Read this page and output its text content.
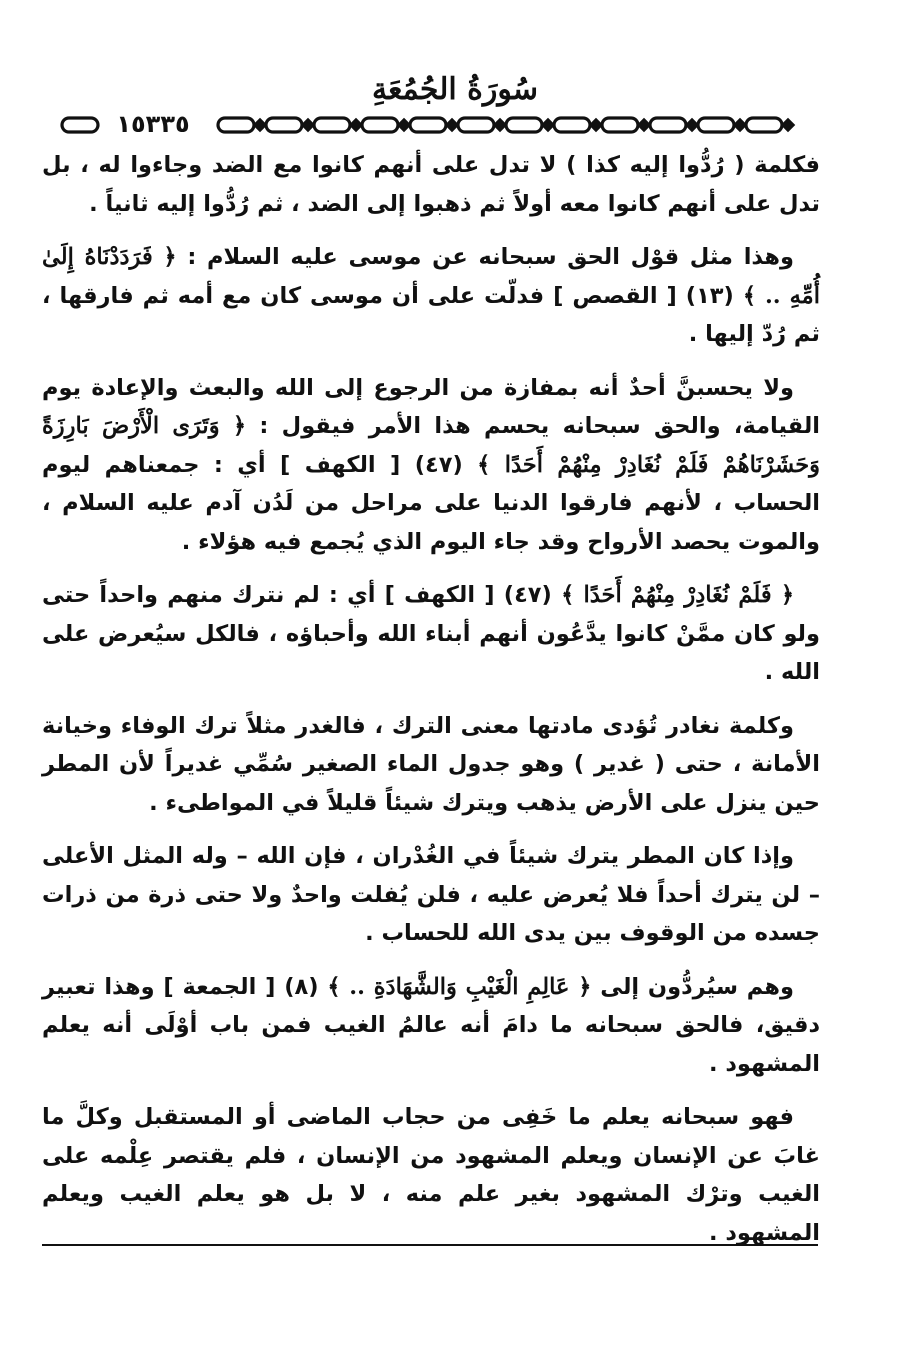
سُورَةُ الجُمُعَةِ
١٥٣٣٥

فكلمة ( رُدُّوا إليه كذا ) لا تدل على أنهم كانوا مع الضد وجاءوا له ، بل تدل على أنهم كانوا معه أولاً ثم ذهبوا إلى الضد ، ثم رُدُّوا إليه ثانياً .

وهذا مثل قوْل الحق سبحانه عن موسى عليه السلام : ﴿ فَرَدَدْنَاهُ إِلَىٰ أُمِّهِ .. ﴾ (١٣) [ القصص ] فدلّت على أن موسى كان مع أمه ثم فارقها ، ثم رُدّ إليها .

ولا يحسبنَّ أحدٌ أنه بمفازة من الرجوع إلى الله والبعث والإعادة يوم القيامة، والحق سبحانه يحسم هذا الأمر فيقول : ﴿ وَتَرَى الْأَرْضَ بَارِزَةً وَحَشَرْنَاهُمْ فَلَمْ نُغَادِرْ مِنْهُمْ أَحَدًا ﴾ (٤٧) [ الكهف ] أي : جمعناهم ليوم الحساب ، لأنهم فارقوا الدنيا على مراحل من لَدُن آدم عليه السلام ، والموت يحصد الأرواح وقد جاء اليوم الذي يُجمع فيه هؤلاء .

﴿ فَلَمْ نُغَادِرْ مِنْهُمْ أَحَدًا ﴾ (٤٧) [ الكهف ] أي : لم نترك منهم واحداً حتى ولو كان ممَّنْ كانوا يدَّعُون أنهم أبناء الله وأحباؤه ، فالكل سيُعرض على الله .

وكلمة نغادر تُؤدى مادتها معنى الترك ، فالغدر مثلاً ترك الوفاء وخيانة الأمانة ، حتى ( غدير ) وهو جدول الماء الصغير سُمِّي غديراً لأن المطر حين ينزل على الأرض يذهب ويترك شيئاً قليلاً في المواطىء .

وإذا كان المطر يترك شيئاً في الغُدْران ، فإن الله – وله المثل الأعلى – لن يترك أحداً فلا يُعرض عليه ، فلن يُفلت واحدٌ ولا حتى ذرة من ذرات جسده من الوقوف بين يدى الله للحساب .

وهم سيُردُّون إلى ﴿ عَالِمِ الْغَيْبِ وَالشَّهَادَةِ .. ﴾ (٨) [ الجمعة ] وهذا تعبير دقيق، فالحق سبحانه ما دامَ أنه عالمُ الغيب فمن باب أوْلَى أنه يعلم المشهود .

فهو سبحانه يعلم ما خَفِى من حجاب الماضى أو المستقبل وكلَّ ما غابَ عن الإنسان ويعلم المشهود من الإنسان ، فلم يقتصر عِلْمه على الغيب وترْك المشهود بغير علم منه ، لا بل هو يعلم الغيب ويعلم المشهود .
